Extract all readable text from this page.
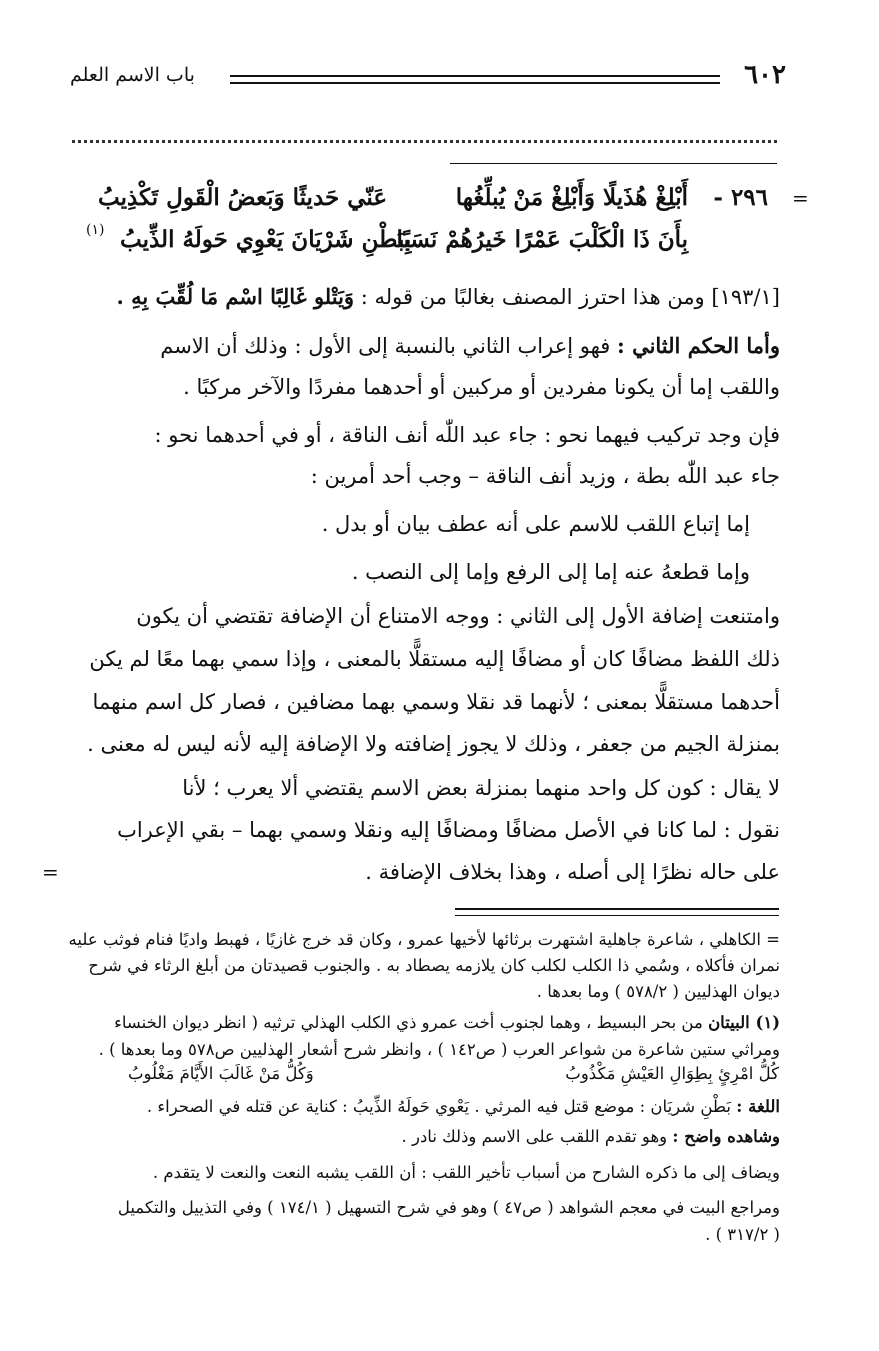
٦٠٢
باب الاسم العلم
=
٢٩٦ -
أَبْلِغْ هُذَيلًا وَأَبْلِغْ مَنْ يُبلِّغُها
عَنّي حَديثًا وَبَعضُ الْقَولِ تَكْذِيبُ
بِأَنَ ذَا الْكَلْبَ عَمْرًا خَيرُهُمْ نَسَبًا
بِبَطْنِ شَرْيَانَ يَعْوِي حَولَهُ الذِّيبُ
(١)
[١٩٣/١] ومن هذا احترز المصنف بغالبًا من قوله : وَيَتْلو غَالِبًا اسْم مَا لُقِّبَ بِهِ .
وأما الحكم الثاني : فهو إعراب الثاني بالنسبة إلى الأول : وذلك أن الاسم
واللقب إما أن يكونا مفردين أو مركبين أو أحدهما مفردًا والآخر مركبًا .
فإن وجد تركيب فيهما نحو : جاء عبد اللّٰه أنف الناقة ، أو في أحدهما نحو :
جاء عبد اللّٰه بطة ، وزيد أنف الناقة – وجب أحد أمرين :
إما إتباع اللقب للاسم على أنه عطف بيان أو بدل .
وإما قطعهُ عنه إما إلى الرفع وإما إلى النصب .
وامتنعت إضافة الأول إلى الثاني : ووجه الامتناع أن الإضافة تقتضي أن يكون
ذلك اللفظ مضافًا كان أو مضافًا إليه مستقلًّا بالمعنى ، وإذا سمي بهما معًا لم يكن
أحدهما مستقلًّا بمعنى ؛ لأنهما قد نقلا وسمي بهما مضافين ، فصار كل اسم منهما
بمنزلة الجيم من جعفر ، وذلك لا يجوز إضافته ولا الإضافة إليه لأنه ليس له معنى .
لا يقال : كون كل واحد منهما بمنزلة بعض الاسم يقتضي ألا يعرب ؛ لأنا
نقول : لما كانا في الأصل مضافًا ومضافًا إليه ونقلا وسمي بهما – بقي الإعراب
على حاله نظرًا إلى أصله ، وهذا بخلاف الإضافة .
=
= الكاهلي ، شاعرة جاهلية اشتهرت برثائها لأخيها عمرو ، وكان قد خرج غازيًا ، فهبط واديًا فنام فوثب عليه
نمران فأكلاه ، وسُمي ذا الكلب لكلب كان يلازمه يصطاد به . والجنوب قصيدتان من أبلغ الرثاء في شرح
ديوان الهذليين ( ٥٧٨/٢ ) وما بعدها .
(١) البيتان من بحر البسيط ، وهما لجنوب أخت عمرو ذي الكلب الهذلي ترثيه ( انظر ديوان الخنساء
ومراثي ستين شاعرة من شواعر العرب ( ص١٤٢ ) ، وانظر شرح أشعار الهذليين ص٥٧٨ وما بعدها ) .
كُلُّ امْرِئٍ بِطِوَالِ العَيْشِ مَكْذُوبُ
وَكُلُّ مَنْ غَالَبَ الأَيَّامَ مَغْلُوبُ
اللغة : بَطْنِ شريَان : موضع قتل فيه المرثي . يَعْوي حَولَهُ الذِّيبُ : كناية عن قتله في الصحراء .
وشاهده واضح : وهو تقدم اللقب على الاسم وذلك نادر .
ويضاف إلى ما ذكره الشارح من أسباب تأخير اللقب : أن اللقب يشبه النعت والنعت لا يتقدم .
ومراجع البيت في معجم الشواهد ( ص٤٧ ) وهو في شرح التسهيل ( ١٧٤/١ ) وفي التذييل والتكميل
( ٣١٧/٢ ) .
